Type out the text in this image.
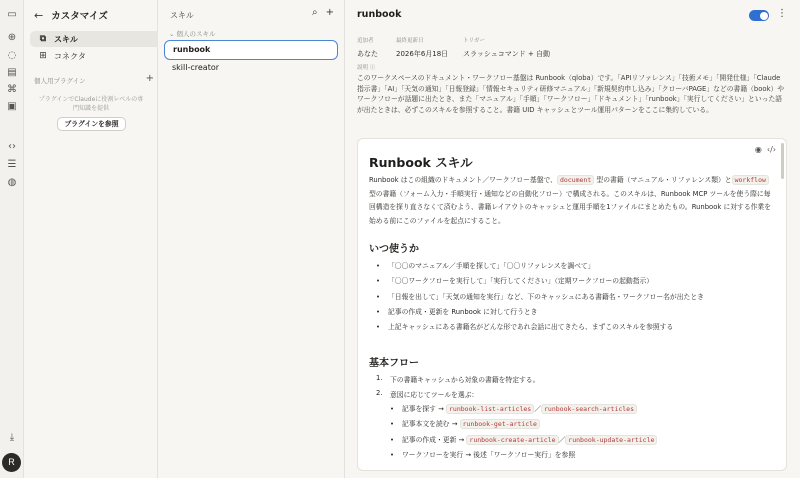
▭
⊕
◌
▤
⌘
▣
‹›
☰
◍
⤓
R
← カスタマイズ
⧉ スキル
⊞ コネクタ
個人用プラグイン	+
プラグインでClaudeに役割レベルの専門知識を提供
プラグインを参照
スキル	⌕ +
⌄ 個人のスキル
runbook
skill-creator
runbook	⋮
追加者
あなた
最終更新日
2026年6月18日
トリガー
スラッシュコマンド + 自動
説明 ⓘ
このワークスペースのドキュメント・ワークフロー基盤は Runbook（qloba）です。「APIリファレンス」「技術メモ」「開発仕様」「Claude指示書」「AI」「天気の通知」「日報登録」「情報セキュリティ研修マニュアル」「新規契約申し込み」「クローバPAGE」などの書籍（book）やワークフローが話題に出たとき、また「マニュアル」「手順」「ワークフロー」「ドキュメント」「runbook」「実行してください」といった語が出たときは、必ずこのスキルを参照すること。書籍 UID キャッシュとツール運用パターンをここに集約している。
◉ ‹/›
Runbook スキル
Runbook はこの組織のドキュメント／ワークフロー基盤で、 document 型の書籍（マニュアル・リファレンス類）と workflow 型の書籍（フォーム入力・手順実行・通知などの自動化フロー）で構成される。このスキルは、Runbook MCP ツールを使う際に毎回構造を探り直さなくて済むよう、書籍レイアウトのキャッシュと運用手順を1ファイルにまとめたもの。Runbook に対する作業を始める前にこのファイルを起点にすること。
いつ使うか
• 「〇〇のマニュアル／手順を探して」「〇〇リファレンスを調べて」
• 「〇〇ワークフローを実行して」「実行してください」（定期ワークフローの起動指示）
• 「日報を出して」「天気の通知を実行」など、下のキャッシュにある書籍名・ワークフロー名が出たとき
• 記事の作成・更新を Runbook に対して行うとき
• 上記キャッシュにある書籍名がどんな形であれ会話に出てきたら、まずこのスキルを参照する
基本フロー
1. 下の書籍キャッシュから対象の書籍を特定する。
2. 意図に応じてツールを選ぶ：
• 記事を探す → runbook-list-articles ／ runbook-search-articles
• 記事本文を読む → runbook-get-article
• 記事の作成・更新 → runbook-create-article ／ runbook-update-article
• ワークフローを実行 → 後述「ワークフロー実行」を参照
